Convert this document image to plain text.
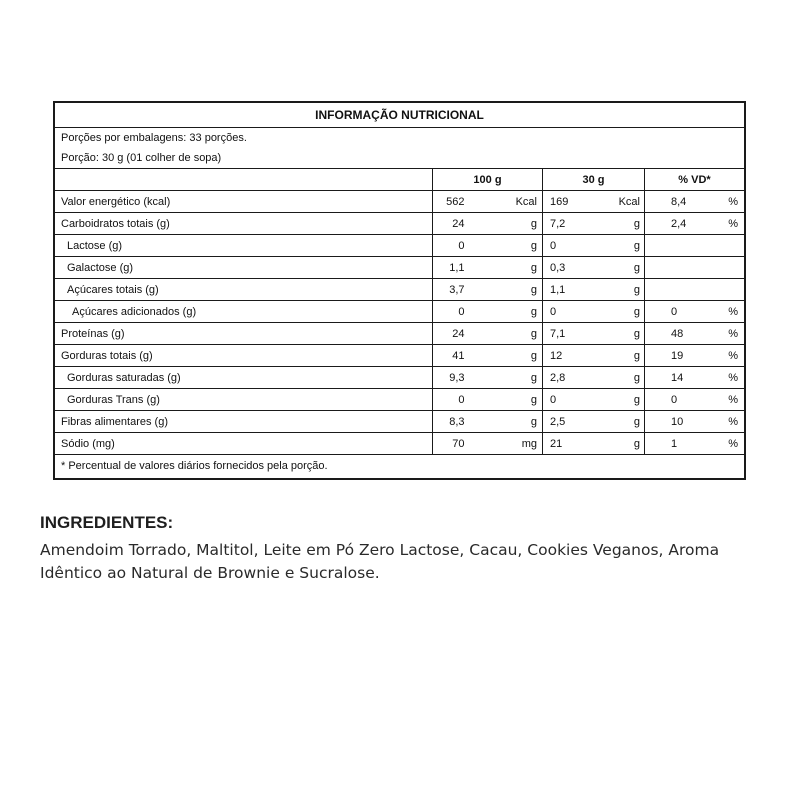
INFORMAÇÃO NUTRICIONAL
Porções por embalagens: 33 porções.
Porção: 30 g (01 colher de sopa)
	100 g		30 g		% VD*	
Valor energético (kcal)	562	Kcal	169	Kcal	8,4	%
Carboidratos totais (g)	24	g	7,2	g	2,4	%
Lactose (g)	0	g	0	g		
Galactose (g)	1,1	g	0,3	g		
Açúcares totais (g)	3,7	g	1,1	g		
Açúcares adicionados (g)	0	g	0	g	0	%
Proteínas (g)	24	g	7,1	g	48	%
Gorduras totais (g)	41	g	12	g	19	%
Gorduras saturadas (g)	9,3	g	2,8	g	14	%
Gorduras Trans (g)	0	g	0	g	0	%
Fibras alimentares (g)	8,3	g	2,5	g	10	%
Sódio (mg)	70	mg	21	g	1	%
* Percentual de valores diários fornecidos pela porção.
INGREDIENTES:
Amendoim Torrado, Maltitol, Leite em Pó Zero Lactose, Cacau, Cookies Veganos, Aroma Idêntico ao Natural de Brownie e Sucralose.
